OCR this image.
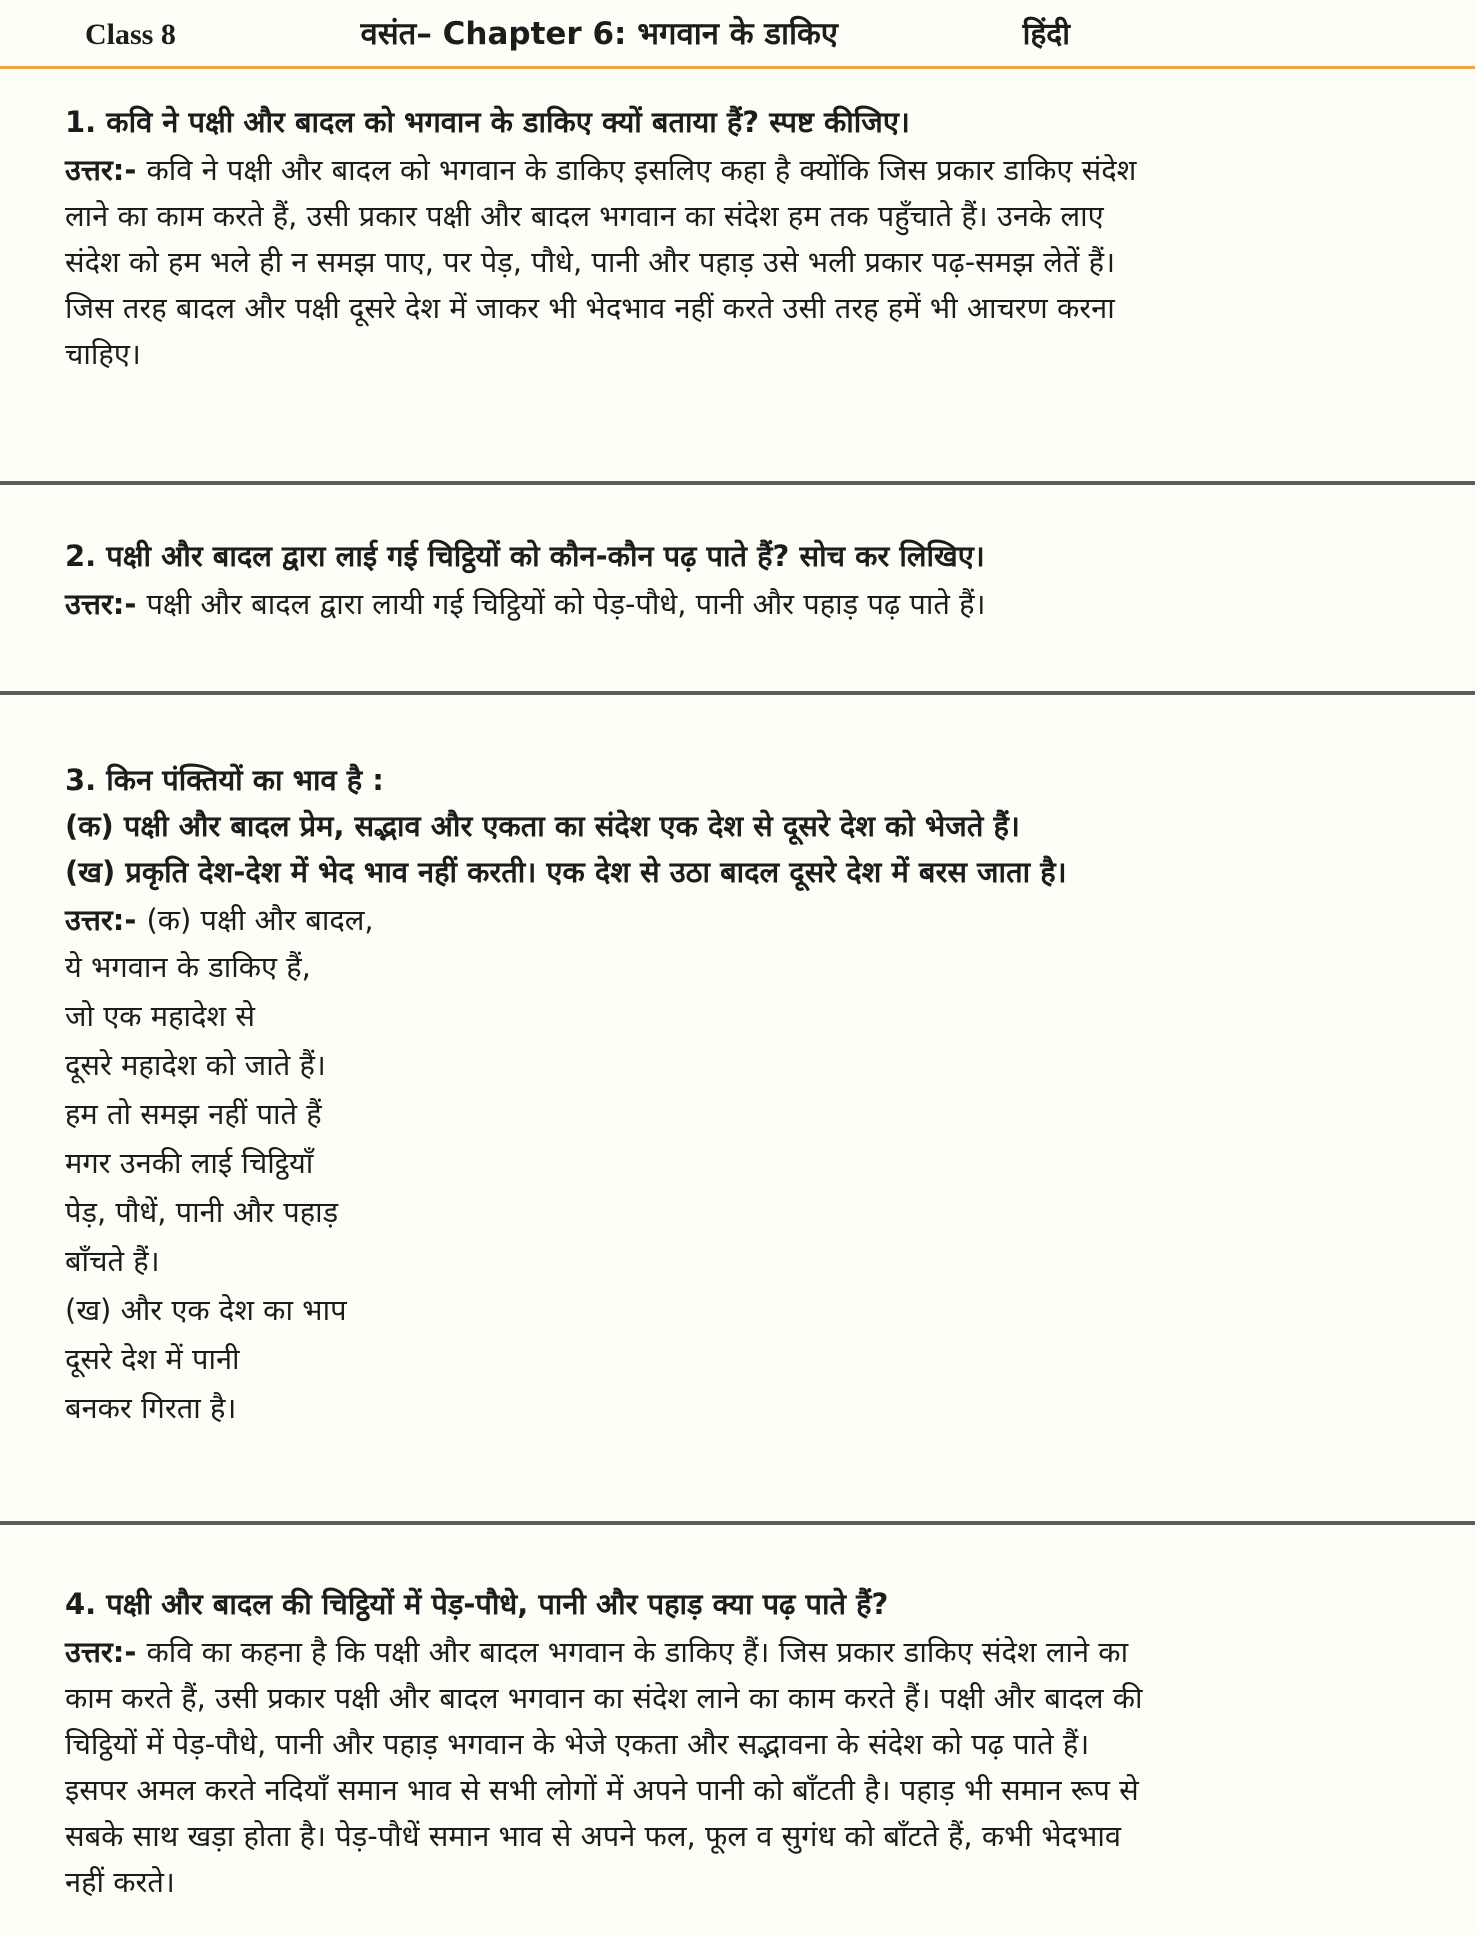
Class 8	वसंत– Chapter 6: भगवान के डाकिए	हिंदी
1. कवि ने पक्षी और बादल को भगवान के डाकिए क्यों बताया हैं? स्पष्ट कीजिए।

उत्तर:- कवि ने पक्षी और बादल को भगवान के डाकिए इसलिए कहा है क्योंकि जिस प्रकार डाकिए संदेश लाने का काम करते हैं, उसी प्रकार पक्षी और बादल भगवान का संदेश हम तक पहुँचाते हैं। उनके लाए संदेश को हम भले ही न समझ पाए, पर पेड़, पौधे, पानी और पहाड़ उसे भली प्रकार पढ़-समझ लेतें हैं। जिस तरह बादल और पक्षी दूसरे देश में जाकर भी भेदभाव नहीं करते उसी तरह हमें भी आचरण करना चाहिए।

2. पक्षी और बादल द्वारा लाई गई चिट्ठियों को कौन-कौन पढ़ पाते हैं? सोच कर लिखिए।

उत्तर:- पक्षी और बादल द्वारा लायी गई चिट्ठियों को पेड़-पौधे, पानी और पहाड़ पढ़ पाते हैं।

3. किन पंक्तियों का भाव है :
(क) पक्षी और बादल प्रेम, सद्भाव और एकता का संदेश एक देश से दूसरे देश को भेजते हैं।
(ख) प्रकृति देश-देश में भेद भाव नहीं करती। एक देश से उठा बादल दूसरे देश में बरस जाता है।

उत्तर:- (क) पक्षी और बादल,

ये भगवान के डाकिए हैं,
जो एक महादेश से
दूसरे महादेश को जाते हैं।
हम तो समझ नहीं पाते हैं
मगर उनकी लाई चिट्ठियाँ
पेड़, पौधें, पानी और पहाड़
बाँचते हैं।
(ख) और एक देश का भाप
दूसरे देश में पानी
बनकर गिरता है।
4. पक्षी और बादल की चिट्ठियों में पेड़-पौधे, पानी और पहाड़ क्या पढ़ पाते हैं?

उत्तर:- कवि का कहना है कि पक्षी और बादल भगवान के डाकिए हैं। जिस प्रकार डाकिए संदेश लाने का काम करते हैं, उसी प्रकार पक्षी और बादल भगवान का संदेश लाने का काम करते हैं। पक्षी और बादल की चिट्ठियों में पेड़-पौधे, पानी और पहाड़ भगवान के भेजे एकता और सद्भावना के संदेश को पढ़ पाते हैं। इसपर अमल करते नदियाँ समान भाव से सभी लोगों में अपने पानी को बाँटती है। पहाड़ भी समान रूप से सबके साथ खड़ा होता है। पेड़-पौधें समान भाव से अपने फल, फूल व सुगंध को बाँटते हैं, कभी भेदभाव नहीं करते।
